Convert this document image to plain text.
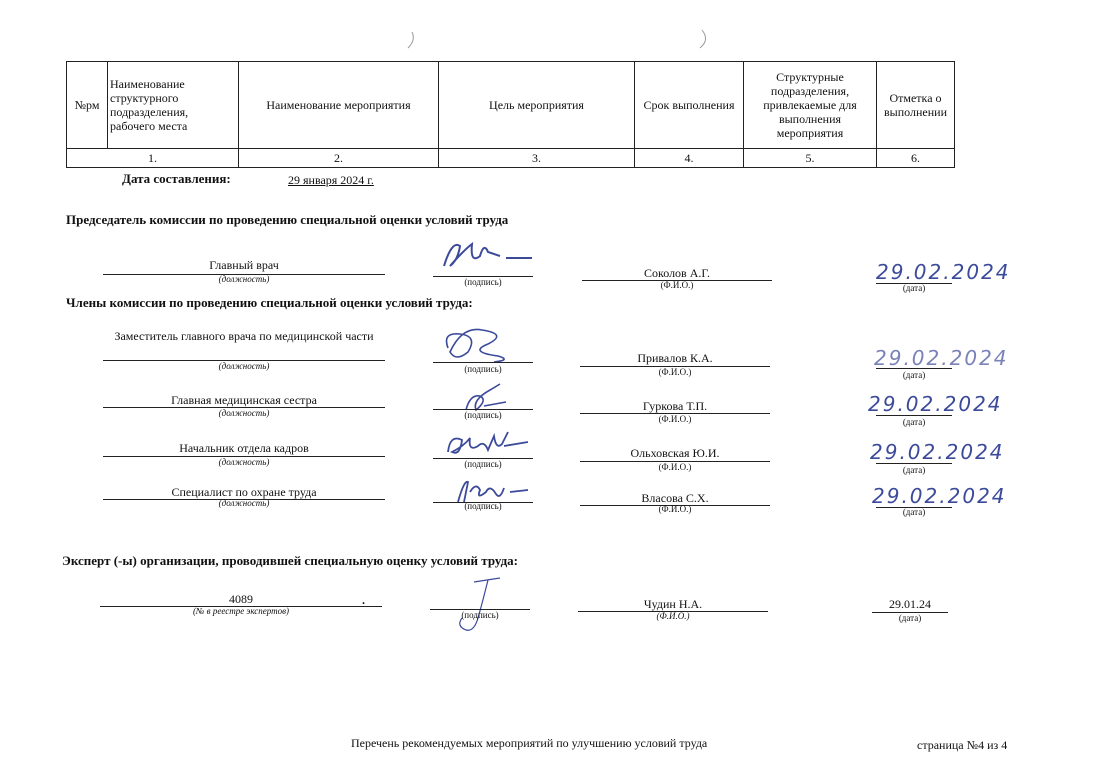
№рм	Наименование структурного подразделения, рабочего места	Наименование мероприятия	Цель мероприятия	Срок выполнения	Структурные подразделения, привлекаемые для выполнения мероприятия	Отметка о выполнении
1.		2.	3.	4.	5.	6.
Дата составления:	29 января 2024 г.
Председатель комиссии по проведению специальной оценки условий труда
Главный врач
(должность)	(подпись)
Соколов А.Г.
(Ф.И.О.)
29.02.2024
(дата)
Члены комиссии по проведению специальной оценки условий труда:
Заместитель главного врача по медицинской части
(должность)	(подпись)
Привалов К.А.
(Ф.И.О.)
29.02.2024
(дата)
Главная медицинская сестра
(должность)	(подпись)
Гуркова Т.П.
(Ф.И.О.)
29.02.2024
(дата)
Начальник отдела кадров
(должность)	(подпись)
Ольховская Ю.И.
(Ф.И.О.)
29.02.2024
(дата)
Специалист по охране труда
(должность)	(подпись)
Власова С.Х.
(Ф.И.О.)
29.02.2024
(дата)
Эксперт (-ы) организации, проводившей специальную оценку условий труда:
4089	.
(№ в реестре экспертов)	(подпись)
Чудин Н.А.
(Ф.И.О.)
29.01.24
(дата)
Перечень рекомендуемых мероприятий по улучшению условий труда	страница №4 из 4
